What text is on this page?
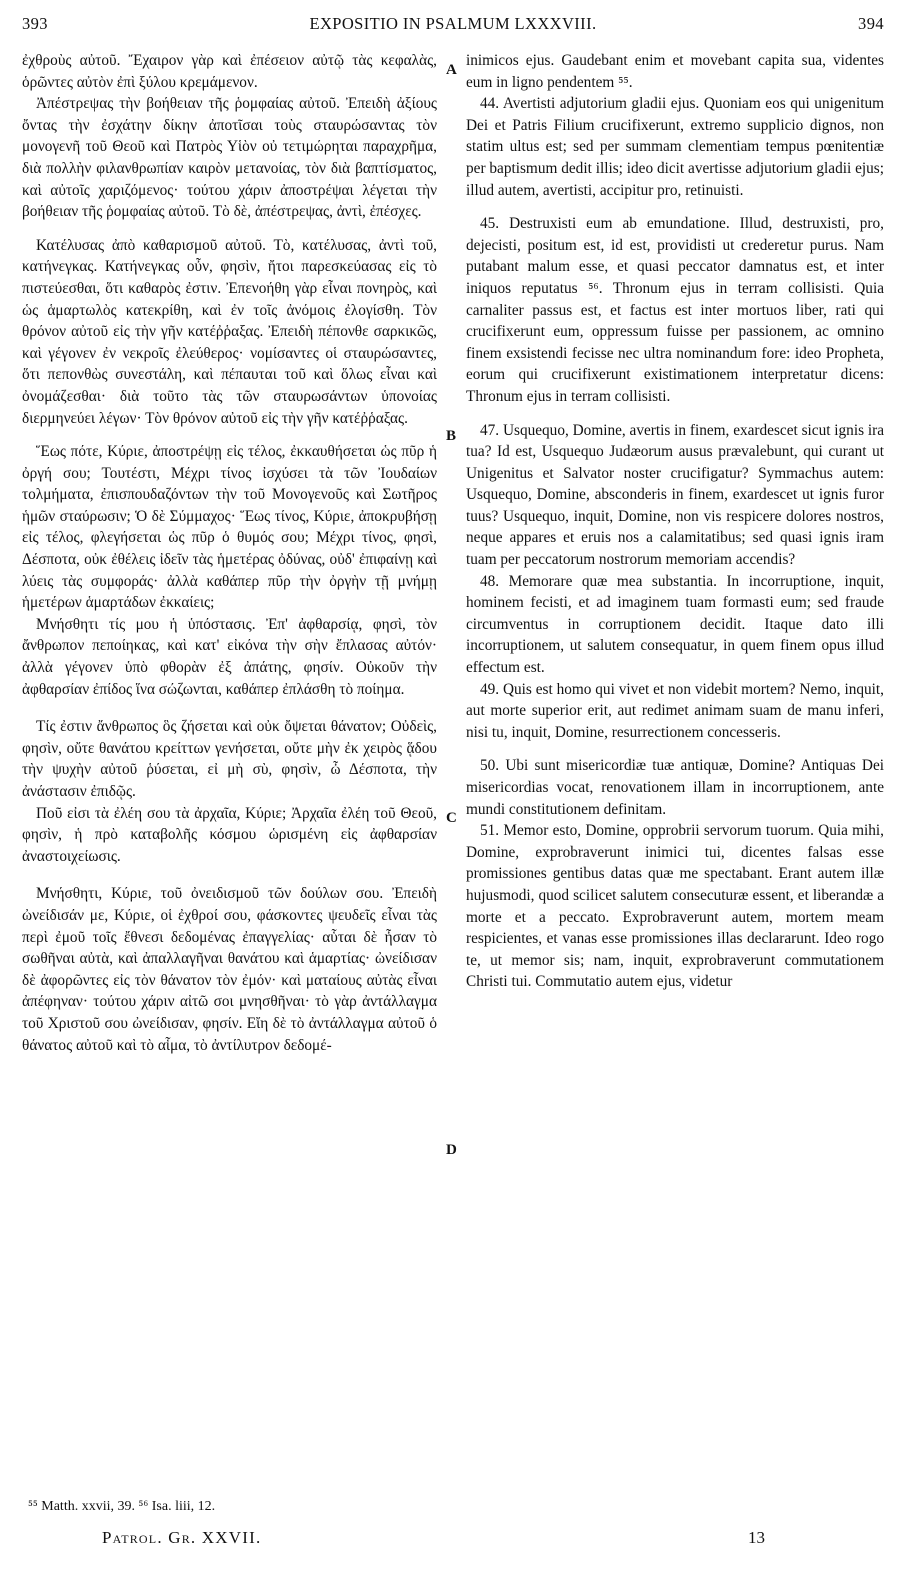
393	EXPOSITIO IN PSALMUM LXXXVIII.	394

ἐχθροὺς αὐτοῦ. Ἔχαιρον γὰρ καὶ ἐπέσειον αὐτῷ τὰς κεφαλὰς, ὁρῶντες αὐτὸν ἐπὶ ξύλου κρεμάμενον.

Ἀπέστρεψας τὴν βοήθειαν τῆς ῥομφαίας αὐτοῦ. Ἐπειδὴ ἀξίους ὄντας τὴν ἐσχάτην δίκην ἀποτῖσαι τοὺς σταυρώσαντας τὸν μονογενῆ τοῦ Θεοῦ καὶ Πατρὸς Υἱὸν οὐ τετιμώρηται παραχρῆμα, διὰ πολλὴν φιλανθρωπίαν καιρὸν μετανοίας, τὸν διὰ βαπτίσματος, καὶ αὐτοῖς χαριζόμενος· τούτου χάριν ἀποστρέψαι λέγεται τὴν βοήθειαν τῆς ῥομφαίας αὐτοῦ. Τὸ δὲ, ἀπέστρεψας, ἀντὶ, ἐπέσχες.

Κατέλυσας ἀπὸ καθαρισμοῦ αὐτοῦ. Τὸ, κατέλυσας, ἀντὶ τοῦ, κατήνεγκας. Κατήνεγκας οὖν, φησὶν, ἤτοι παρεσκεύασας εἰς τὸ πιστεύεσθαι, ὅτι καθαρὸς ἐστιν. Ἐπενοήθη γὰρ εἶναι πονηρὸς, καὶ ὡς ἁμαρτωλὸς κατεκρίθη, καὶ ἐν τοῖς ἀνόμοις ἐλογίσθη. Τὸν θρόνον αὐτοῦ εἰς τὴν γῆν κατέῤῥαξας. Ἐπειδὴ πέπονθε σαρκικῶς, καὶ γέγονεν ἐν νεκροῖς ἐλεύθερος· νομίσαντες οἱ σταυρώσαντες, ὅτι πεπονθὼς συνεστάλη, καὶ πέπαυται τοῦ καὶ ὅλως εἶναι καὶ ὀνομάζεσθαι· διὰ τοῦτο τὰς τῶν σταυρωσάντων ὑπονοίας διερμηνεύει λέγων· Τὸν θρόνον αὐτοῦ εἰς τὴν γῆν κατέῤῥαξας.

Ἕως πότε, Κύριε, ἀποστρέψῃ εἰς τέλος, ἐκκαυθήσεται ὡς πῦρ ἡ ὀργή σου; Τουτέστι, Μέχρι τίνος ἰσχύσει τὰ τῶν Ἰουδαίων τολμήματα, ἐπισπουδαζόντων τὴν τοῦ Μονογενοῦς καὶ Σωτῆρος ἡμῶν σταύρωσιν; Ὁ δὲ Σύμμαχος· Ἕως τίνος, Κύριε, ἀποκρυβήσῃ εἰς τέλος, φλεγήσεται ὡς πῦρ ὁ θυμός σου; Μέχρι τίνος, φησὶ, Δέσποτα, οὐκ ἐθέλεις ἰδεῖν τὰς ἡμετέρας ὀδύνας, οὐδ' ἐπιφαίνῃ καὶ λύεις τὰς συμφοράς· ἀλλὰ καθάπερ πῦρ τὴν ὀργὴν τῇ μνήμῃ ἡμετέρων ἁμαρτάδων ἐκκαίεις;

Μνήσθητι τίς μου ἡ ὑπόστασις. Ἐπ' ἀφθαρσίᾳ, φησὶ, τὸν ἄνθρωπον πεποίηκας, καὶ κατ' εἰκόνα τὴν σὴν ἔπλασας αὐτόν· ἀλλὰ γέγονεν ὑπὸ φθορὰν ἐξ ἀπάτης, φησίν. Οὐκοῦν τὴν ἀφθαρσίαν ἐπίδος ἵνα σώζωνται, καθάπερ ἐπλάσθη τὸ ποίημα.

Τίς ἐστιν ἄνθρωπος ὃς ζήσεται καὶ οὐκ ὄψεται θάνατον; Οὐδεὶς, φησὶν, οὔτε θανάτου κρείττων γενήσεται, οὔτε μὴν ἐκ χειρὸς ᾅδου τὴν ψυχὴν αὐτοῦ ῥύσεται, εἰ μὴ σὺ, φησὶν, ὦ Δέσποτα, τὴν ἀνάστασιν ἐπιδῷς.

Ποῦ εἰσι τὰ ἐλέη σου τὰ ἀρχαῖα, Κύριε; Ἀρχαῖα ἐλέη τοῦ Θεοῦ, φησὶν, ἡ πρὸ καταβολῆς κόσμου ὡρισμένη εἰς ἀφθαρσίαν ἀναστοιχείωσις.

Μνήσθητι, Κύριε, τοῦ ὀνειδισμοῦ τῶν δούλων σου. Ἐπειδὴ ὠνείδισάν με, Κύριε, οἱ ἐχθροί σου, φάσκοντες ψευδεῖς εἶναι τὰς περὶ ἐμοῦ τοῖς ἔθνεσι δεδομένας ἐπαγγελίας· αὗται δὲ ἦσαν τὸ σωθῆναι αὐτὰ, καὶ ἀπαλλαγῆναι θανάτου καὶ ἁμαρτίας· ὠνείδισαν δὲ ἀφορῶντες εἰς τὸν θάνατον τὸν ἐμόν· καὶ ματαίους αὐτὰς εἶναι ἀπέφηναν· τούτου χάριν αἰτῶ σοι μνησθῆναι· τὸ γὰρ ἀντάλλαγμα τοῦ Χριστοῦ σου ὠνείδισαν, φησίν. Εἴη δὲ τὸ ἀντάλλαγμα αὐτοῦ ὁ θάνατος αὐτοῦ καὶ τὸ αἷμα, τὸ ἀντίλυτρον δεδομέ-

A
B
C
D

inimicos ejus. Gaudebant enim et movebant capita sua, videntes eum in ligno pendentem ⁵⁵.

44. Avertisti adjutorium gladii ejus. Quoniam eos qui unigenitum Dei et Patris Filium crucifixerunt, extremo supplicio dignos, non statim ultus est; sed per summam clementiam tempus pœnitentiæ per baptismum dedit illis; ideo dicit avertisse adjutorium gladii ejus; illud autem, avertisti, accipitur pro, retinuisti.

45. Destruxisti eum ab emundatione. Illud, destruxisti, pro, dejecisti, positum est, id est, providisti ut crederetur purus. Nam putabant malum esse, et quasi peccator damnatus est, et inter iniquos reputatus ⁵⁶. Thronum ejus in terram collisisti. Quia carnaliter passus est, et factus est inter mortuos liber, rati qui crucifixerunt eum, oppressum fuisse per passionem, ac omnino finem exsistendi fecisse nec ultra nominandum fore: ideo Propheta, eorum qui crucifixerunt existimationem interpretatur dicens: Thronum ejus in terram collisisti.

47. Usquequo, Domine, avertis in finem, exardescet sicut ignis ira tua? Id est, Usquequo Judæorum ausus prævalebunt, qui curant ut Unigenitus et Salvator noster crucifigatur? Symmachus autem: Usquequo, Domine, absconderis in finem, exardescet ut ignis furor tuus? Usquequo, inquit, Domine, non vis respicere dolores nostros, neque appares et eruis nos a calamitatibus; sed quasi ignis iram tuam per peccatorum nostrorum memoriam accendis?

48. Memorare quæ mea substantia. In incorruptione, inquit, hominem fecisti, et ad imaginem tuam formasti eum; sed fraude circumventus in corruptionem decidit. Itaque dato illi incorruptionem, ut salutem consequatur, in quem finem opus illud effectum est.

49. Quis est homo qui vivet et non videbit mortem? Nemo, inquit, aut morte superior erit, aut redimet animam suam de manu inferi, nisi tu, inquit, Domine, resurrectionem concesseris.

50. Ubi sunt misericordiæ tuæ antiquæ, Domine? Antiquas Dei misericordias vocat, renovationem illam in incorruptionem, ante mundi constitutionem definitam.

51. Memor esto, Domine, opprobrii servorum tuorum. Quia mihi, Domine, exprobraverunt inimici tui, dicentes falsas esse promissiones gentibus datas quæ me spectabant. Erant autem illæ hujusmodi, quod scilicet salutem consecuturæ essent, et liberandæ a morte et a peccato. Exprobraverunt autem, mortem meam respicientes, et vanas esse promissiones illas declararunt. Ideo rogo te, ut memor sis; nam, inquit, exprobraverunt commutationem Christi tui. Commutatio autem ejus, videtur

⁵⁵ Matth. xxvii, 39. ⁵⁶ Isa. liii, 12.
Patrol. Gr. XXVII.	13
